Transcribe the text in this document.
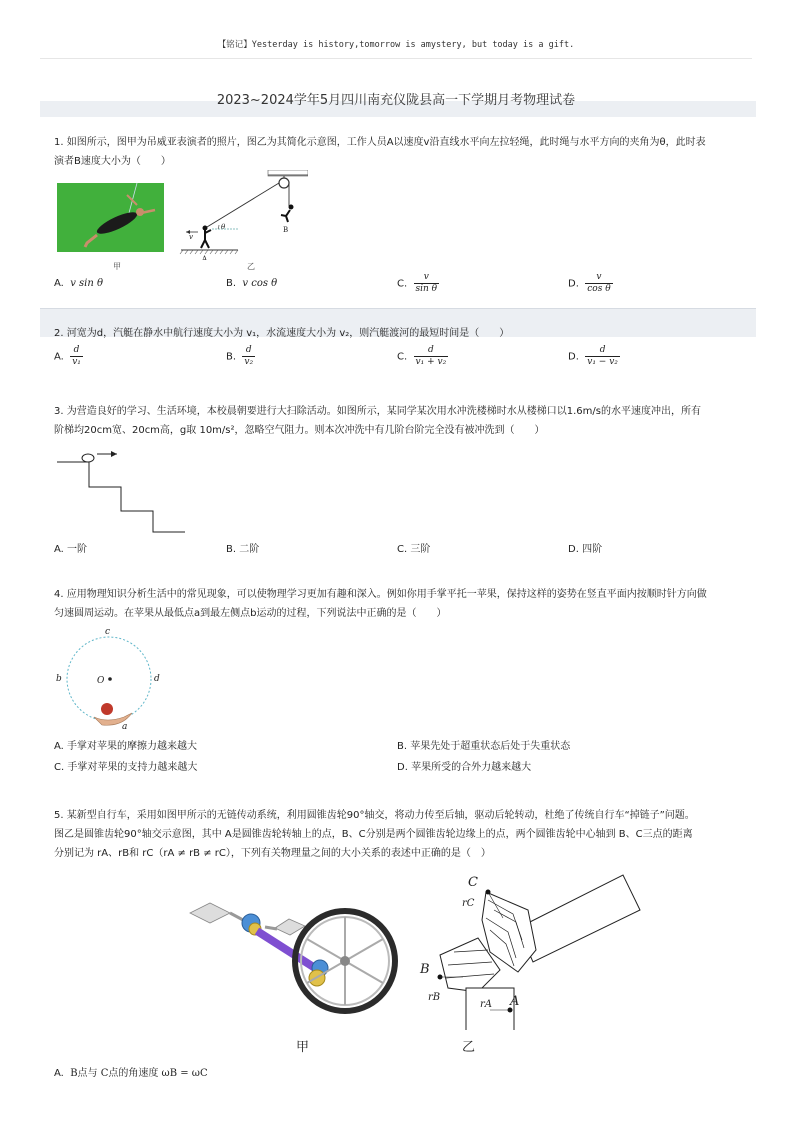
【铭记】Yesterday is history,tomorrow is amystery, but today is a gift.
2023~2024学年5月四川南充仪陇县高一下学期月考物理试卷
1. 如图所示，图甲为吊威亚表演者的照片，图乙为其简化示意图，工作人员A以速度v沿直线水平向左拉轻绳，此时绳与水平方向的夹角为θ，此时表
演者B速度大小为（　　）
甲
B
θ
v
A
乙
A. v sin θ	B. v cos θ	C. $\frac{v}{\text{sin θ}}$	D. $\frac{v}{\text{cos θ}}$
2. 河宽为d，汽艇在静水中航行速度大小为 v₁，水流速度大小为 v₂，则汽艇渡河的最短时间是（　　）
A. $\frac{d}{\text{v₁}}$	B. $\frac{d}{\text{v₂}}$	C. $\frac{d}{\text{v₁ + v₂}}$	D. $\frac{d}{\text{v₁ − v₂}}$
3. 为营造良好的学习、生活环境，本校晨朝要进行大扫除活动。如图所示，某同学某次用水冲洗楼梯时水从楼梯口以1.6m/s的水平速度冲出，所有
阶梯均20cm宽、20cm高，g取 10m/s²，忽略空气阻力。则本次冲洗中有几阶台阶完全没有被冲洗到（　　）
A. 一阶	B. 二阶	C. 三阶	D. 四阶
4. 应用物理知识分析生活中的常见现象，可以使物理学习更加有趣和深入。例如你用手掌平托一苹果，保持这样的姿势在竖直平面内按顺时针方向做
匀速圆周运动。在苹果从最低点a到最左侧点b运动的过程，下列说法中正确的是（　　）
O
c
b	d
a
A. 手掌对苹果的摩擦力越来越大	B. 苹果先处于超重状态后处于失重状态
C. 手掌对苹果的支持力越来越大	D. 苹果所受的合外力越来越大
5. 某新型自行车，采用如图甲所示的无链传动系统，利用圆锥齿轮90°轴交，将动力传至后轴，驱动后轮转动，杜绝了传统自行车“掉链子”问题。
图乙是圆锥齿轮90°轴交示意图，其中 A是圆锥齿轮转轴上的点，B、C分别是两个圆锥齿轮边缘上的点，两个圆锥齿轮中心轴到 B、C三点的距离
分别记为 rA、rB和 rC（rA ≠ rB ≠ rC），下列有关物理量之间的大小关系的表述中正确的是（　）
甲
C
rC
B
rB
rA A
乙
A. B点与 C点的角速度 ωB = ωC
